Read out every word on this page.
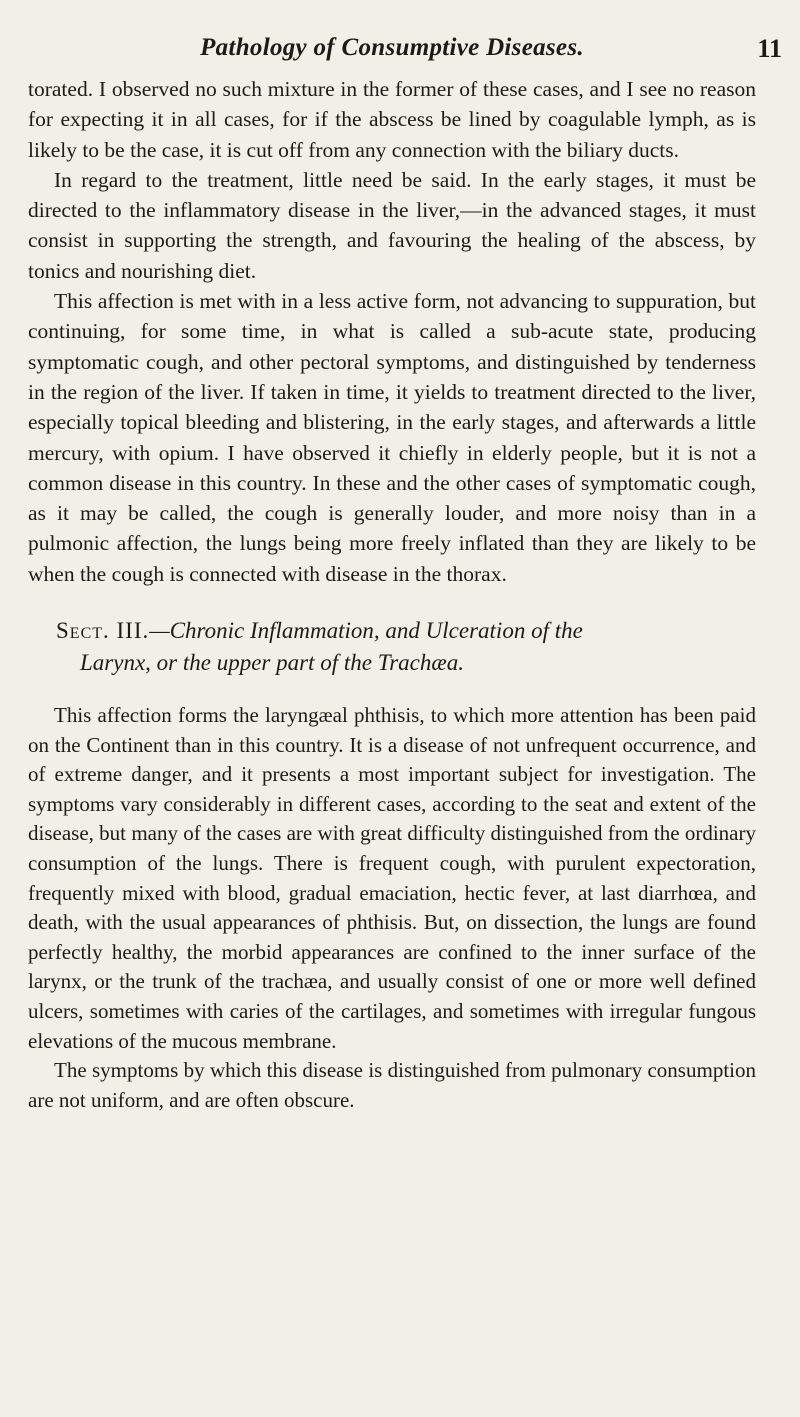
Pathology of Consumptive Diseases.	11

torated. I observed no such mixture in the former of these cases, and I see no reason for expecting it in all cases, for if the abscess be lined by coagulable lymph, as is likely to be the case, it is cut off from any connection with the biliary ducts.

In regard to the treatment, little need be said. In the early stages, it must be directed to the inflammatory disease in the liver,—in the advanced stages, it must consist in supporting the strength, and favouring the healing of the abscess, by tonics and nourishing diet.

This affection is met with in a less active form, not advancing to suppuration, but continuing, for some time, in what is called a sub-acute state, producing symptomatic cough, and other pectoral symptoms, and distinguished by tenderness in the region of the liver. If taken in time, it yields to treatment directed to the liver, especially topical bleeding and blistering, in the early stages, and afterwards a little mercury, with opium. I have observed it chiefly in elderly people, but it is not a common disease in this country. In these and the other cases of symptomatic cough, as it may be called, the cough is generally louder, and more noisy than in a pulmonic affection, the lungs being more freely inflated than they are likely to be when the cough is connected with disease in the thorax.

Sect. III.—Chronic Inflammation, and Ulceration of the
Larynx, or the upper part of the Trachæa.

This affection forms the laryngæal phthisis, to which more attention has been paid on the Continent than in this country. It is a disease of not unfrequent occurrence, and of extreme danger, and it presents a most important subject for investigation. The symptoms vary considerably in different cases, according to the seat and extent of the disease, but many of the cases are with great difficulty distinguished from the ordinary consumption of the lungs. There is frequent cough, with purulent expectoration, frequently mixed with blood, gradual emaciation, hectic fever, at last diarrhœa, and death, with the usual appearances of phthisis. But, on dissection, the lungs are found perfectly healthy, the morbid appearances are confined to the inner surface of the larynx, or the trunk of the trachæa, and usually consist of one or more well defined ulcers, sometimes with caries of the cartilages, and sometimes with irregular fungous elevations of the mucous membrane.

The symptoms by which this disease is distinguished from pulmonary consumption are not uniform, and are often obscure.
